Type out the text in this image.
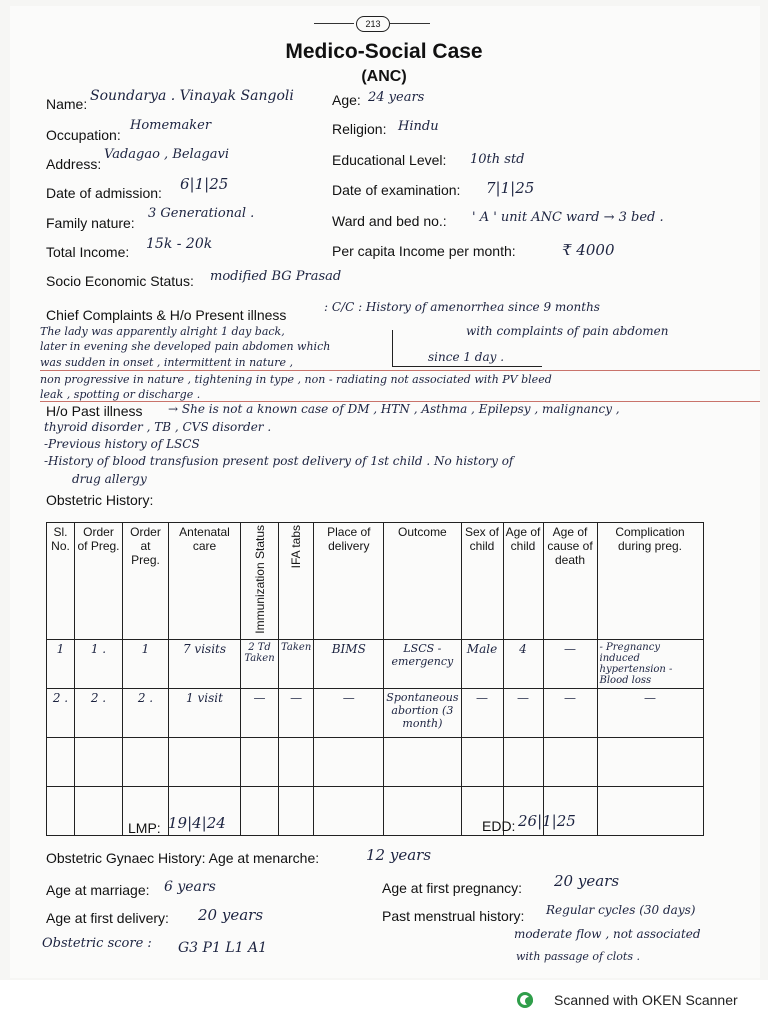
213
Medico-Social Case
(ANC)
Name: Soundarya . Vinayak Sangoli	Age: 24 years
Occupation:
Homemaker	Religion: Hindu
Address:
Vadagao , Belagavi	Educational Level: 10th std
Date of admission: 6|1|25	Date of examination: 7|1|25
Family nature:
3 Generational .	Ward and bed no.: ' A ' unit ANC ward → 3 bed .
Total Income: 15k - 20k	Per capita Income per month:	₹ 4000
Socio Economic Status: modified BG Prasad
Chief Complaints & H/o Present illness	: C/C : History of amenorrhea since 9 months
The lady was apparently alright 1 day back,
later in evening she developed pain abdomen which
was sudden in onset , intermittent in nature ,
non progressive in nature , tightening in type , non - radiating not associated with PV bleed
leak , spotting or discharge .
with complaints of pain abdomen
since 1 day .
H/o Past illness → She is not a known case of DM , HTN , Asthma , Epilepsy , malignancy ,
thyroid disorder , TB , CVS disorder .
-Previous history of LSCS
-History of blood transfusion present post delivery of 1st child . No history of
drug allergy
Obstetric History:
Sl. No.	Order of Preg.	Order at Preg.	Antenatal care	Immunization Status	IFA tabs	Place of delivery	Outcome	Sex of child	Age of child	Age of cause of death	Complication during preg.
1	1 .	1	7 visits	2 Td Taken	Taken	BIMS	LSCS - emergency	Male	4	—	- Pregnancy induced hypertension - Blood loss
2 .	2 .	2 .	1 visit	—	—	—	Spontaneous abortion (3 month)	—	—	—	—

LMP: 19|4|24	EDD: 26|1|25
Obstetric Gynaec History: Age at menarche:	12 years
Age at marriage: 6 years	Age at first pregnancy: 20 years
Age at first delivery: 20 years	Past menstrual history: Regular cycles (30 days)
moderate flow , not associated
with passage of clots .
Obstetric score : G3 P1 L1 A1
Scanned with OKEN Scanner
